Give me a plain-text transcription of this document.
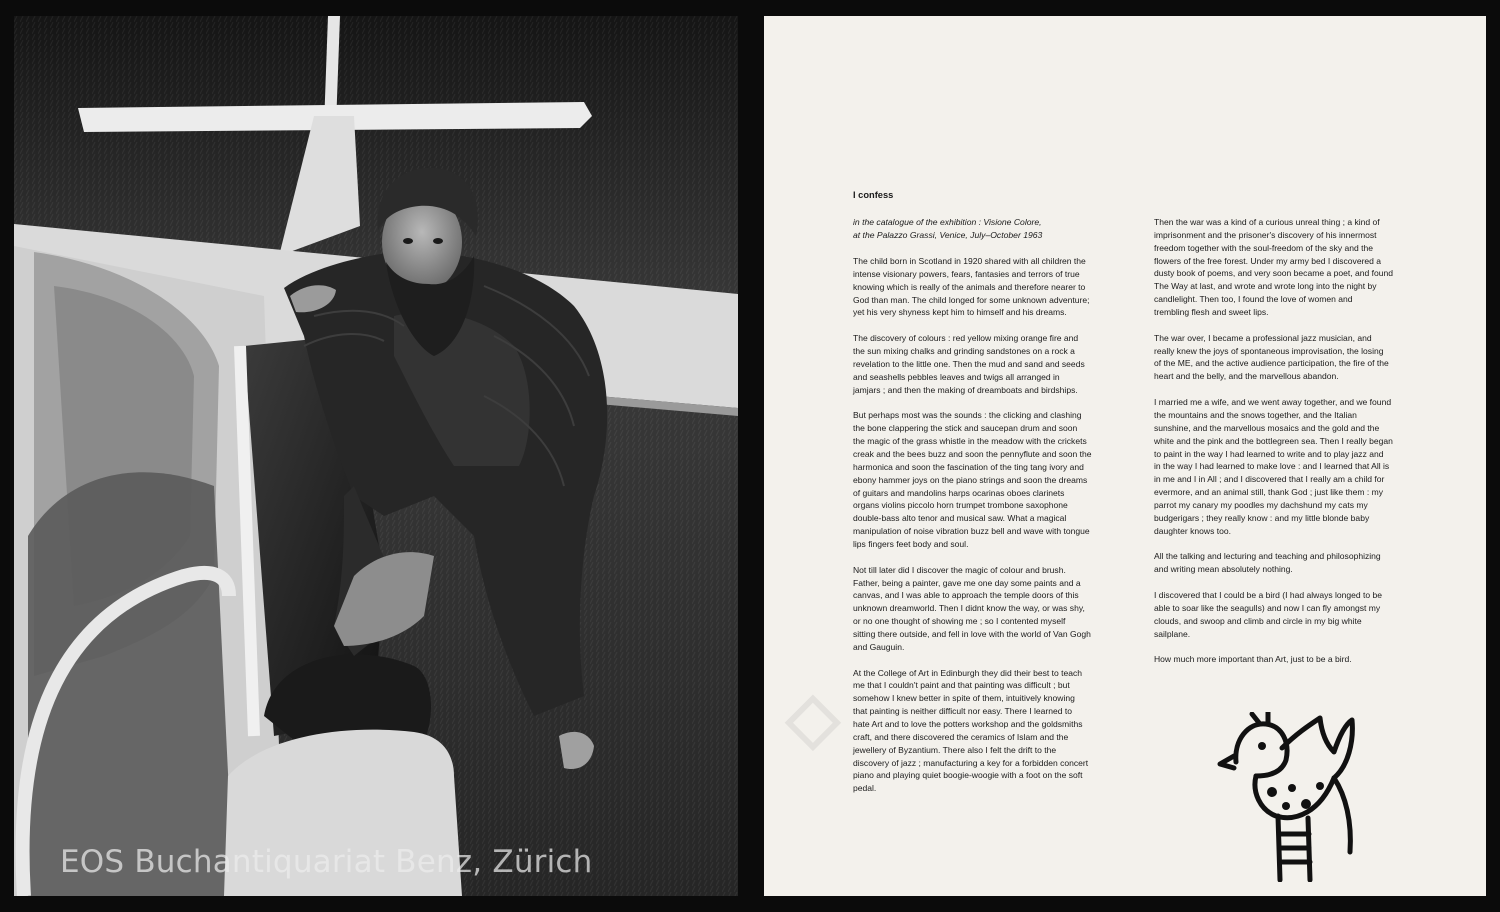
EOS Buchantiquariat Benz, Zürich
◇
I confess
in the catalogue of the exhibition : Visione Colore,
at the Palazzo Grassi, Venice, July–October 1963

The child born in Scotland in 1920 shared with all children the
intense visionary powers, fears, fantasies and terrors of true
knowing which is really of the animals and therefore nearer to
God than man. The child longed for some unknown adventure;
yet his very shyness kept him to himself and his dreams.

The discovery of colours : red yellow mixing orange fire and
the sun mixing chalks and grinding sandstones on a rock a
revelation to the little one. Then the mud and sand and seeds
and seashells pebbles leaves and twigs all arranged in
jamjars ; and then the making of dreamboats and birdships.

But perhaps most was the sounds : the clicking and clashing
the bone clappering the stick and saucepan drum and soon
the magic of the grass whistle in the meadow with the crickets
creak and the bees buzz and soon the pennyflute and soon the
harmonica and soon the fascination of the ting tang ivory and
ebony hammer joys on the piano strings and soon the dreams
of guitars and mandolins harps ocarinas oboes clarinets
organs violins piccolo horn trumpet trombone saxophone
double-bass alto tenor and musical saw. What a magical
manipulation of noise vibration buzz bell and wave with tongue
lips fingers feet body and soul.

Not till later did I discover the magic of colour and brush.
Father, being a painter, gave me one day some paints and a
canvas, and I was able to approach the temple doors of this
unknown dreamworld. Then I didnt know the way, or was shy,
or no one thought of showing me ; so I contented myself
sitting there outside, and fell in love with the world of Van Gogh
and Gauguin.

At the College of Art in Edinburgh they did their best to teach
me that I couldn't paint and that painting was difficult ; but
somehow I knew better in spite of them, intuitively knowing
that painting is neither difficult nor easy. There I learned to
hate Art and to love the potters workshop and the goldsmiths
craft, and there discovered the ceramics of Islam and the
jewellery of Byzantium. There also I felt the drift to the
discovery of jazz ; manufacturing a key for a forbidden concert
piano and playing quiet boogie-woogie with a foot on the soft
pedal.

Then the war was a kind of a curious unreal thing ; a kind of
imprisonment and the prisoner's discovery of his innermost
freedom together with the soul-freedom of the sky and the
flowers of the free forest. Under my army bed I discovered a
dusty book of poems, and very soon became a poet, and found
The Way at last, and wrote and wrote long into the night by
candlelight. Then too, I found the love of women and
trembling flesh and sweet lips.

The war over, I became a professional jazz musician, and
really knew the joys of spontaneous improvisation, the losing
of the ME, and the active audience participation, the fire of the
heart and the belly, and the marvellous abandon.

I married me a wife, and we went away together, and we found
the mountains and the snows together, and the Italian
sunshine, and the marvellous mosaics and the gold and the
white and the pink and the bottlegreen sea. Then I really began
to paint in the way I had learned to write and to play jazz and
in the way I had learned to make love : and I learned that All is
in me and I in All ; and I discovered that I really am a child for
evermore, and an animal still, thank God ; just like them : my
parrot my canary my poodles my dachshund my cats my
budgerigars ; they really know : and my little blonde baby
daughter knows too.

All the talking and lecturing and teaching and philosophizing
and writing mean absolutely nothing.

I discovered that I could be a bird (I had always longed to be
able to soar like the seagulls) and now I can fly amongst my
clouds, and swoop and climb and circle in my big white
sailplane.

How much more important than Art, just to be a bird.
